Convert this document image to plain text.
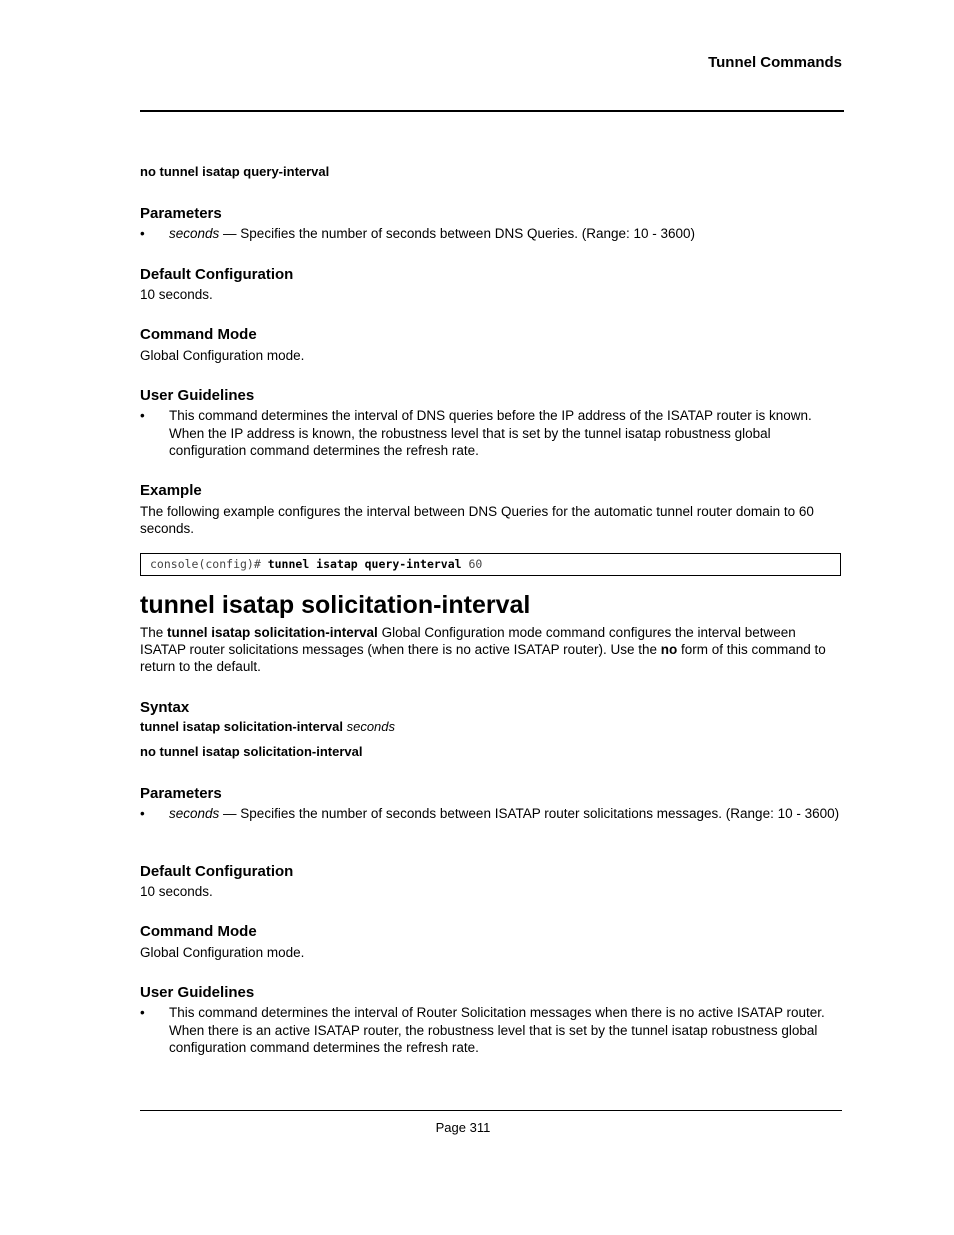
Tunnel Commands
no tunnel isatap query-interval
Parameters
• seconds — Specifies the number of seconds between DNS Queries. (Range: 10 - 3600)
Default Configuration
10 seconds.
Command Mode
Global Configuration mode.
User Guidelines
• This command determines the interval of DNS queries before the IP address of the ISATAP router is known. When the IP address is known, the robustness level that is set by the tunnel isatap robustness global configuration command determines the refresh rate.
Example
The following example configures the interval between DNS Queries for the automatic tunnel router domain to 60 seconds.
console(config)# tunnel isatap query-interval 60
tunnel isatap solicitation-interval
The tunnel isatap solicitation-interval Global Configuration mode command configures the interval between ISATAP router solicitations messages (when there is no active ISATAP router). Use the no form of this command to return to the default.
Syntax
tunnel isatap solicitation-interval seconds
no tunnel isatap solicitation-interval
Parameters
• seconds — Specifies the number of seconds between ISATAP router solicitations messages. (Range: 10 - 3600)
Default Configuration
10 seconds.
Command Mode
Global Configuration mode.
User Guidelines
• This command determines the interval of Router Solicitation messages when there is no active ISATAP router. When there is an active ISATAP router, the robustness level that is set by the tunnel isatap robustness global configuration command determines the refresh rate.
Page 311
